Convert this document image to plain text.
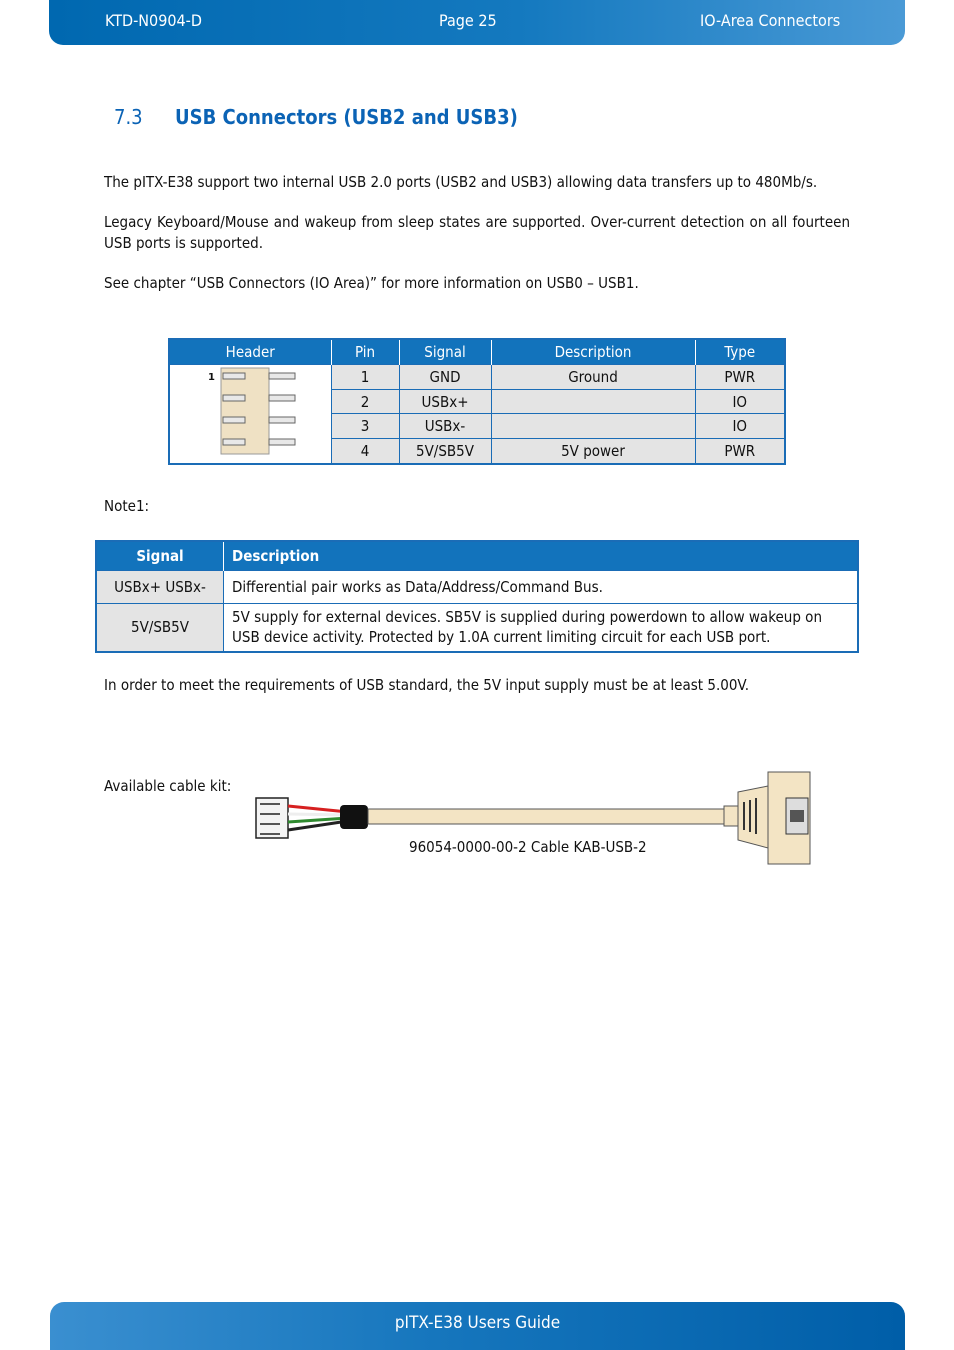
KTD-N0904-D	Page 25	IO-Area Connectors
7.3 USB Connectors (USB2 and USB3)
The pITX-E38 support two internal USB 2.0 ports (USB2 and USB3) allowing data transfers up to 480Mb/s.
Legacy Keyboard/Mouse and wakeup from sleep states are supported. Over-current detection on all fourteen USB ports is supported.
See chapter “USB Connectors (IO Area)” for more information on USB0 – USB1.
Header	Pin	Signal	Description	Type

1	1	GND	Ground	PWR
	2	USBx+		IO
	3	USBx-		IO
	4	5V/SB5V	5V power	PWR
Note1:
Signal	Description
USBx+ USBx-	Differential pair works as Data/Address/Command Bus.
5V/SB5V	5V supply for external devices. SB5V is supplied during powerdown to allow wakeup on USB device activity. Protected by 1.0A current limiting circuit for each USB port.
In order to meet the requirements of USB standard, the 5V input supply must be at least 5.00V.
Available cable kit:
96054-0000-00-2 Cable KAB-USB-2
pITX-E38 Users Guide
